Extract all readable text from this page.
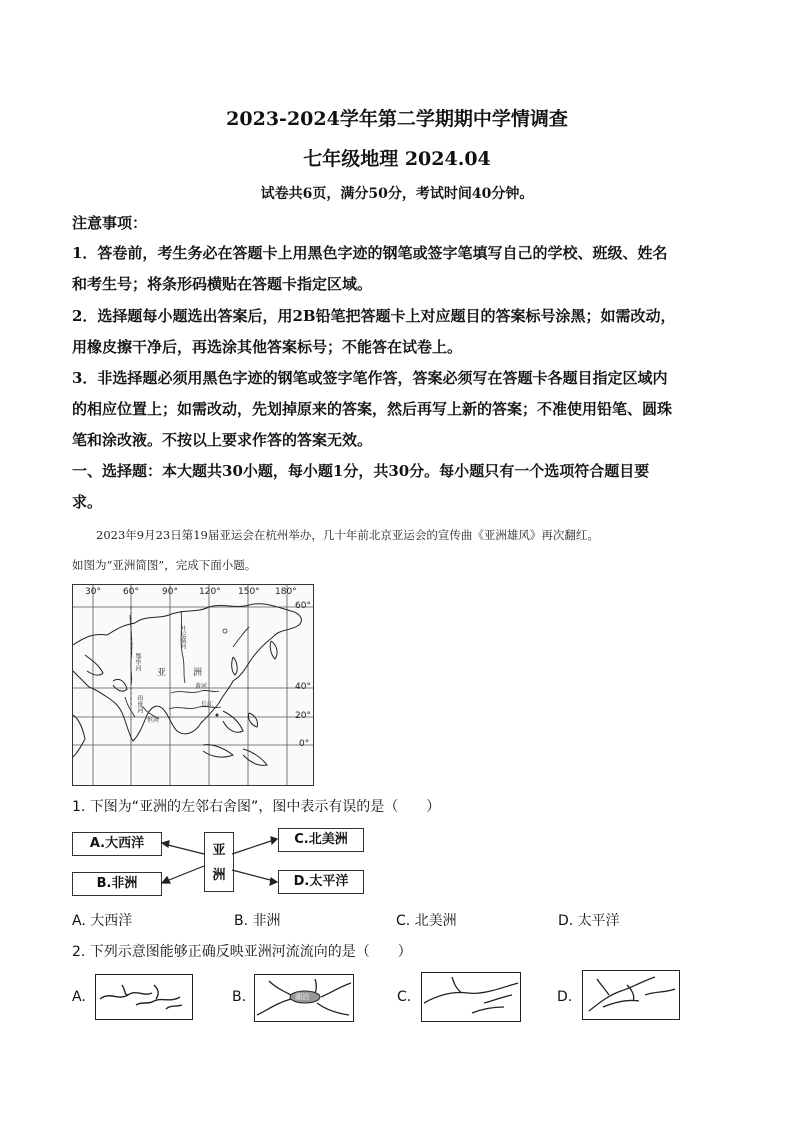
2023-2024学年第二学期期中学情调查
七年级地理 2024.04
试卷共6页，满分50分，考试时间40分钟。
注意事项：
1．答卷前，考生务必在答题卡上用黑色字迹的钢笔或签字笔填写自己的学校、班级、姓名
和考生号；将条形码横贴在答题卡指定区域。
2．选择题每小题选出答案后，用2B铅笔把答题卡上对应题目的答案标号涂黑；如需改动，
用橡皮擦干净后，再选涂其他答案标号；不能答在试卷上。
3．非选择题必须用黑色字迹的钢笔或签字笔作答，答案必须写在答题卡各题目指定区域内
的相应位置上；如需改动，先划掉原来的答案，然后再写上新的答案；不准使用铅笔、圆珠
笔和涂改液。不按以上要求作答的答案无效。
一、选择题：本大题共30小题，每小题1分，共30分。每小题只有一个选项符合题目要
求。
2023年9月23日第19届亚运会在杭州举办，几十年前北京亚运会的宣传曲《亚洲雄风》再次翻红。
如图为“亚洲简图”，完成下面小题。
30° 60°	90° 120° 150° 180°
60°
40°
20°
0°
亚	洲
叶尼塞河
黄河
长江
恒河
印度河
鄂毕河
1. 下图为“亚洲的左邻右舍图”，图中表示有误的是（　　）
A.大西洋
B.非洲
亚
洲
C.北美洲
D.太平洋
A. 大西洋	B. 非洲	C. 北美洲	D. 太平洋
2. 下列示意图能够正确反映亚洲河流流向的是（　　）
A.	B.	湖泊	C.	D.
